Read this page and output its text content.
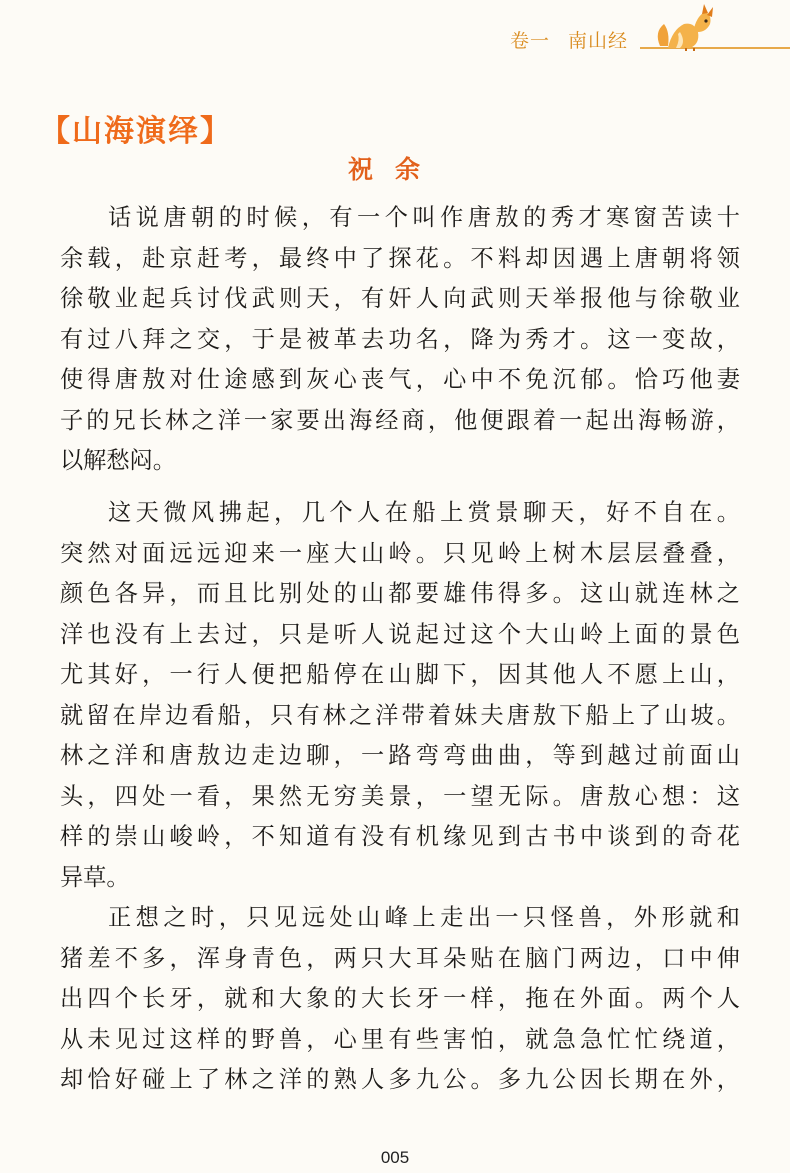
卷一 南山经
【山海演绎】
祝余
话说唐朝的时候，有一个叫作唐敖的秀才寒窗苦读十
余载，赴京赶考，最终中了探花。不料却因遇上唐朝将领
徐敬业起兵讨伐武则天，有奸人向武则天举报他与徐敬业
有过八拜之交，于是被革去功名，降为秀才。这一变故，
使得唐敖对仕途感到灰心丧气，心中不免沉郁。恰巧他妻
子的兄长林之洋一家要出海经商，他便跟着一起出海畅游，
以解愁闷。
这天微风拂起，几个人在船上赏景聊天，好不自在。
突然对面远远迎来一座大山岭。只见岭上树木层层叠叠，
颜色各异，而且比别处的山都要雄伟得多。这山就连林之
洋也没有上去过，只是听人说起过这个大山岭上面的景色
尤其好，一行人便把船停在山脚下，因其他人不愿上山，
就留在岸边看船，只有林之洋带着妹夫唐敖下船上了山坡。
林之洋和唐敖边走边聊，一路弯弯曲曲，等到越过前面山
头，四处一看，果然无穷美景，一望无际。唐敖心想：这
样的崇山峻岭，不知道有没有机缘见到古书中谈到的奇花
异草。
正想之时，只见远处山峰上走出一只怪兽，外形就和
猪差不多，浑身青色，两只大耳朵贴在脑门两边，口中伸
出四个长牙，就和大象的大长牙一样，拖在外面。两个人
从未见过这样的野兽，心里有些害怕，就急急忙忙绕道，
却恰好碰上了林之洋的熟人多九公。多九公因长期在外，
005
